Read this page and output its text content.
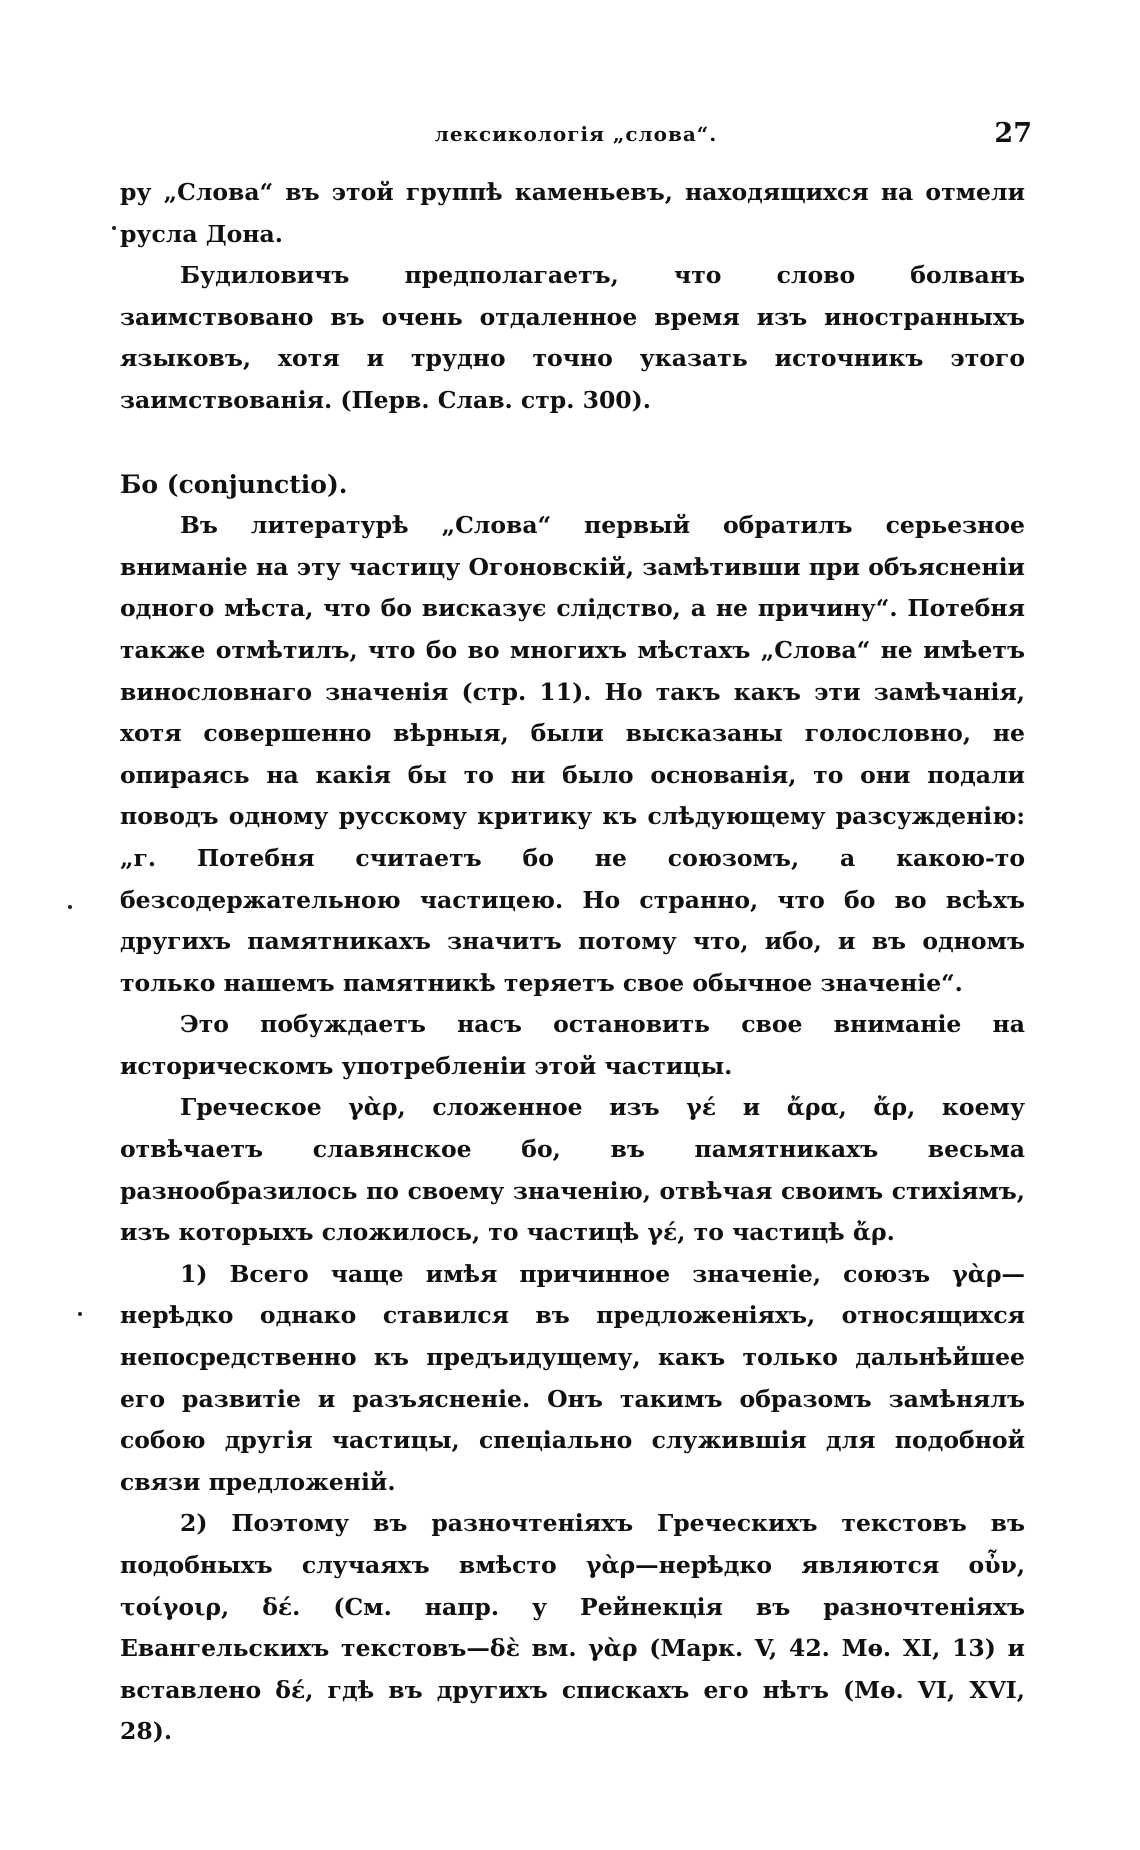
лексикологія „слова“.	27

ру „Слова“ въ этой группѣ каменьевъ, находящихся на отмели русла Дона.

Будиловичъ предполагаетъ, что слово болванъ заимствовано въ очень отдаленное время изъ иностранныхъ языковъ, хотя и трудно точно указать источникъ этого заимствованія. (Перв. Слав. стр. 300).

Бо (conjunctio).

Въ литературѣ „Слова“ первый обратилъ серьезное вниманіе на эту частицу Огоновскій, замѣтивши при объясненіи одного мѣста, что бо висказує слідство, а не причину“. Потебня также отмѣтилъ, что бо во многихъ мѣстахъ „Слова“ не имѣетъ винословнаго значенія (стр. 11). Но такъ какъ эти замѣчанія, хотя совершенно вѣрныя, были высказаны голословно, не опираясь на какія бы то ни было основанія, то они подали поводъ одному русскому критику къ слѣдующему разсужденію: „г. Потебня считаетъ бо не союзомъ, а какою-то безсодержательною частицею. Но странно, что бо во всѣхъ другихъ памятникахъ значитъ потому что, ибо, и въ одномъ только нашемъ памятникѣ теряетъ свое обычное значеніе“.

Это побуждаетъ насъ остановить свое вниманіе на историческомъ употребленіи этой частицы.

Греческое γὰρ, сложенное изъ γέ и ἄρα, ἄρ, коему отвѣчаетъ славянское бо, въ памятникахъ весьма разнообразилось по своему значенію, отвѣчая своимъ стихіямъ, изъ которыхъ сложилось, то частицѣ γέ, то частицѣ ἄρ.

1) Всего чаще имѣя причинное значеніе, союзъ γὰρ—нерѣдко однако ставился въ предложеніяхъ, относящихся непосредственно къ предъидущему, какъ только дальнѣйшее его развитіе и разъясненіе. Онъ такимъ образомъ замѣнялъ собою другія частицы, спеціально служившія для подобной связи предложеній.

2) Поэтому въ разночтеніяхъ Греческихъ текстовъ въ подобныхъ случаяхъ вмѣсто γὰρ—нерѣдко являются οὖν, τοίγοιρ, δέ. (См. напр. у Рейнекція въ разночтеніяхъ Евангельскихъ текстовъ—δὲ вм. γὰρ (Марк. V, 42. Мѳ. XI, 13) и вставлено δέ, гдѣ въ другихъ спискахъ его нѣтъ (Мѳ. VI, XVI, 28).
